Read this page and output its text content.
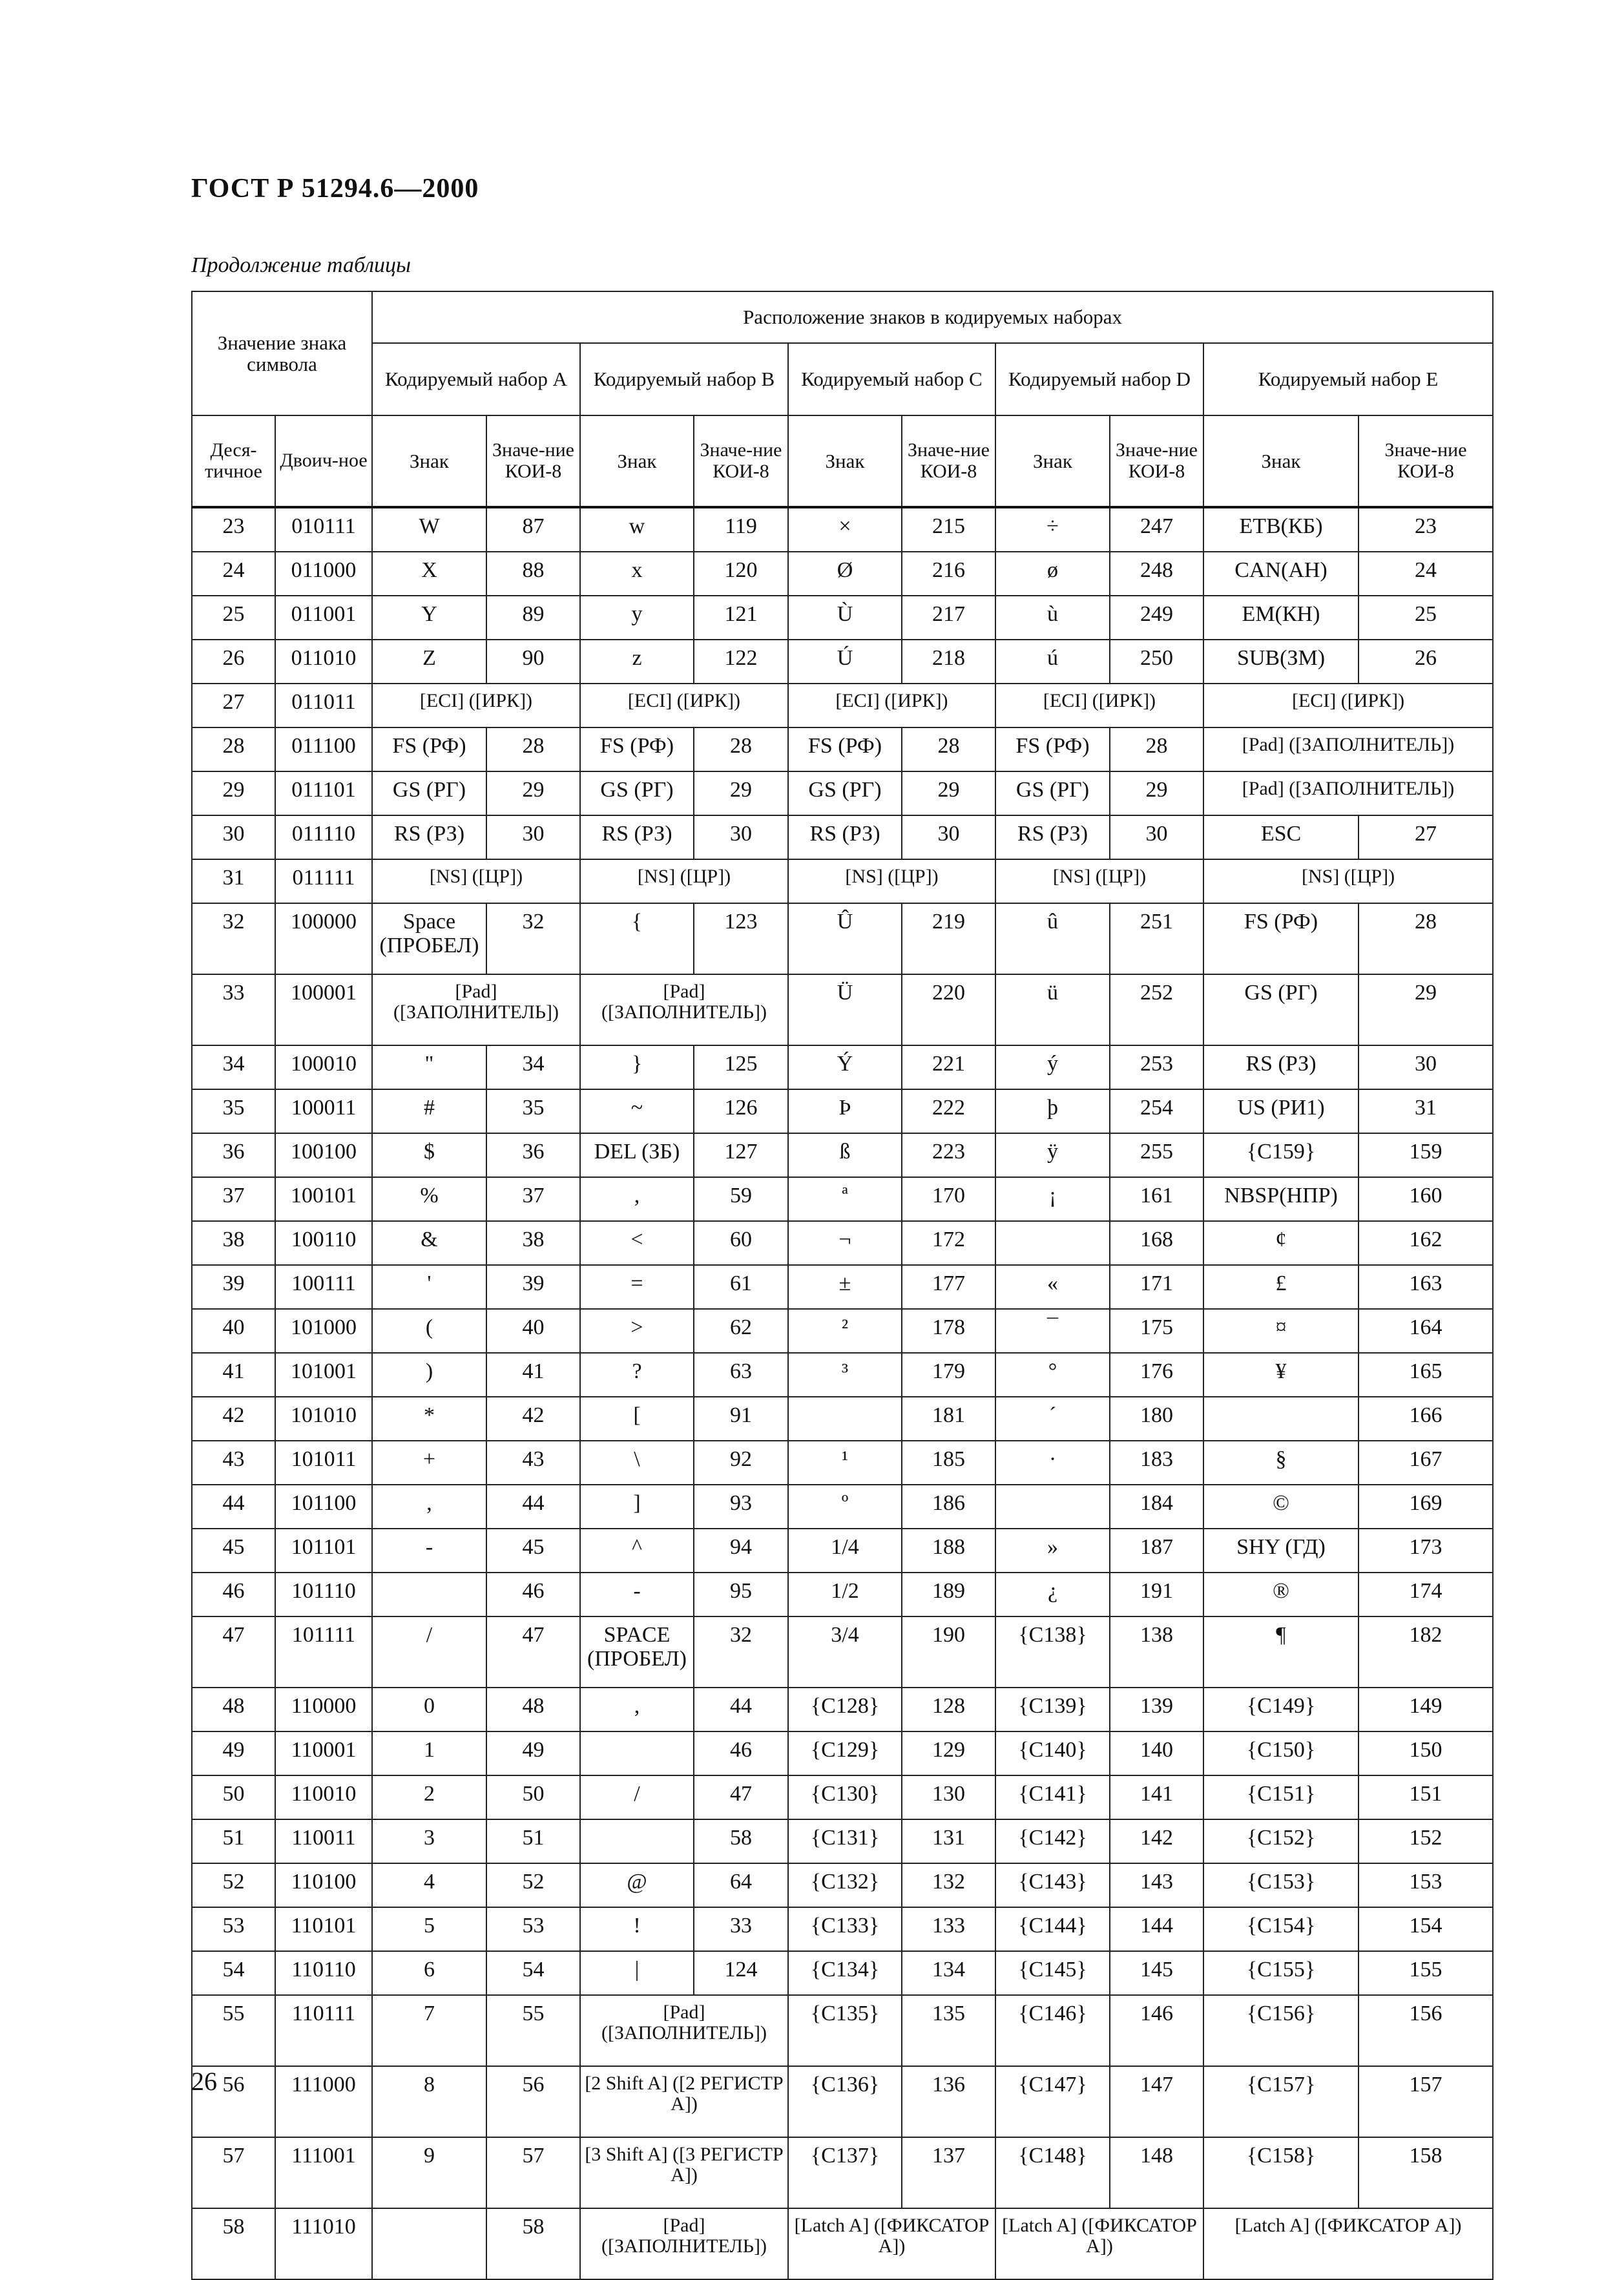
ГОСТ Р 51294.6—2000
Продолжение таблицы
Значение знака символа		Расположение знаков в кодируемых наборах									
		Кодируемый набор A		Кодируемый набор B		Кодируемый набор C		Кодируемый набор D		Кодируемый набор E	
Деся-тичное	Двоич-ное	Знак	Значе-ние КОИ-8	Знак	Значе-ние КОИ-8	Знак	Значе-ние КОИ-8	Знак	Значе-ние КОИ-8	Знак	Значе-ние КОИ-8
23	010111	W	87	w	119	×	215	÷	247	ETB(КБ)	23
24	011000	X	88	x	120	Ø	216	ø	248	CAN(АН)	24
25	011001	Y	89	y	121	Ù	217	ù	249	EM(КН)	25
26	011010	Z	90	z	122	Ú	218	ú	250	SUB(ЗМ)	26
27	011011	[ECI] ([ИРК])		[ECI] ([ИРК])		[ECI] ([ИРК])		[ECI] ([ИРК])		[ECI] ([ИРК])	
28	011100	FS (РФ)	28	FS (РФ)	28	FS (РФ)	28	FS (РФ)	28	[Pad] ([ЗАПОЛНИТЕЛЬ])	
29	011101	GS (РГ)	29	GS (РГ)	29	GS (РГ)	29	GS (РГ)	29	[Pad] ([ЗАПОЛНИТЕЛЬ])	
30	011110	RS (РЗ)	30	RS (РЗ)	30	RS (РЗ)	30	RS (РЗ)	30	ESC	27
31	011111	[NS] ([ЦР])		[NS] ([ЦР])		[NS] ([ЦР])		[NS] ([ЦР])		[NS] ([ЦР])	
32	100000	Space (ПРОБЕЛ)	32	{	123	Û	219	û	251	FS (РФ)	28
33	100001	[Pad] ([ЗАПОЛНИТЕЛЬ])		[Pad] ([ЗАПОЛНИТЕЛЬ])		Ü	220	ü	252	GS (РГ)	29
34	100010	"	34	}	125	Ý	221	ý	253	RS (РЗ)	30
35	100011	#	35	~	126	Þ	222	þ	254	US (РИ1)	31
36	100100	$	36	DEL (ЗБ)	127	ß	223	ÿ	255	{C159}	159
37	100101	%	37	,	59	ª	170	¡	161	NBSP(НПР)	160
38	100110	&	38	<	60	¬	172		168	¢	162
39	100111	'	39	=	61	±	177	«	171	£	163
40	101000	(	40	>	62	²	178	¯	175	¤	164
41	101001	)	41	?	63	³	179	°	176	¥	165
42	101010	*	42	[	91		181	´	180		166
43	101011	+	43	\	92	¹	185	·	183	§	167
44	101100	,	44	]	93	º	186		184	©	169
45	101101	-	45	^	94	1/4	188	»	187	SHY (ГД)	173
46	101110		46	-	95	1/2	189	¿	191	®	174
47	101111	/	47	SPACE (ПРОБЕЛ)	32	3/4	190	{C138}	138	¶	182
48	110000	0	48	,	44	{C128}	128	{C139}	139	{C149}	149
49	110001	1	49		46	{C129}	129	{C140}	140	{C150}	150
50	110010	2	50	/	47	{C130}	130	{C141}	141	{C151}	151
51	110011	3	51		58	{C131}	131	{C142}	142	{C152}	152
52	110100	4	52	@	64	{C132}	132	{C143}	143	{C153}	153
53	110101	5	53	!	33	{C133}	133	{C144}	144	{C154}	154
54	110110	6	54	|	124	{C134}	134	{C145}	145	{C155}	155
55	110111	7	55	[Pad] ([ЗАПОЛНИТЕЛЬ])		{C135}	135	{C146}	146	{C156}	156
56	111000	8	56	[2 Shift A] ([2 РЕГИСТР A])		{C136}	136	{C147}	147	{C157}	157
57	111001	9	57	[3 Shift A] ([3 РЕГИСТР A])		{C137}	137	{C148}	148	{C158}	158
58	111010		58	[Pad] ([ЗАПОЛНИТЕЛЬ])		[Latch A] ([ФИКСАТОР A])		[Latch A] ([ФИКСАТОР A])		[Latch A] ([ФИКСАТОР A])	
26
